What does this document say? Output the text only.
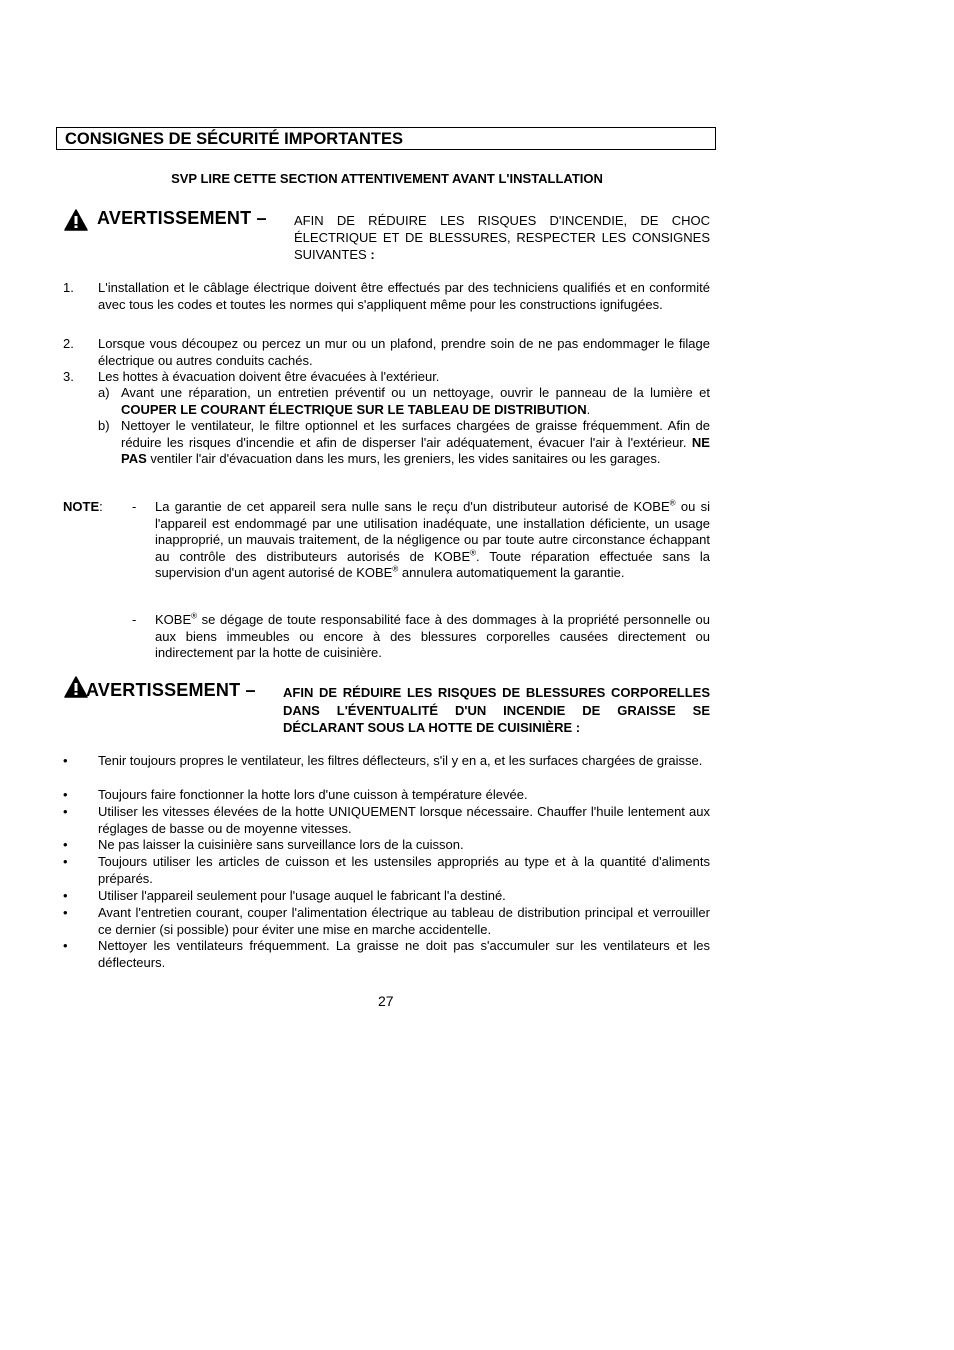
CONSIGNES DE SÉCURITÉ IMPORTANTES
SVP LIRE CETTE SECTION ATTENTIVEMENT AVANT L'INSTALLATION
AVERTISSEMENT – AFIN DE RÉDUIRE LES RISQUES D'INCENDIE, DE CHOC ÉLECTRIQUE ET DE BLESSURES, RESPECTER LES CONSIGNES SUIVANTES :
1. L'installation et le câblage électrique doivent être effectués par des techniciens qualifiés et en conformité avec tous les codes et toutes les normes qui s'appliquent même pour les constructions ignifugées.
2. Lorsque vous découpez ou percez un mur ou un plafond, prendre soin de ne pas endommager le filage électrique ou autres conduits cachés.
3. Les hottes à évacuation doivent être évacuées à l'extérieur.
a) Avant une réparation, un entretien préventif ou un nettoyage, ouvrir le panneau de la lumière et COUPER LE COURANT ÉLECTRIQUE SUR LE TABLEAU DE DISTRIBUTION.
b) Nettoyer le ventilateur, le filtre optionnel et les surfaces chargées de graisse fréquemment. Afin de réduire les risques d'incendie et afin de disperser l'air adéquatement, évacuer l'air à l'extérieur. NE PAS ventiler l'air d'évacuation dans les murs, les greniers, les vides sanitaires ou les garages.
NOTE: - La garantie de cet appareil sera nulle sans le reçu d'un distributeur autorisé de KOBE® ou si l'appareil est endommagé par une utilisation inadéquate, une installation déficiente, un usage inapproprié, un mauvais traitement, de la négligence ou par toute autre circonstance échappant au contrôle des distributeurs autorisés de KOBE®. Toute réparation effectuée sans la supervision d'un agent autorisé de KOBE® annulera automatiquement la garantie.
- KOBE® se dégage de toute responsabilité face à des dommages à la propriété personnelle ou aux biens immeubles ou encore à des blessures corporelles causées directement ou indirectement par la hotte de cuisinière.
AVERTISSEMENT – AFIN DE RÉDUIRE LES RISQUES DE BLESSURES CORPORELLES DANS L'ÉVENTUALITÉ D'UN INCENDIE DE GRAISSE SE DÉCLARANT SOUS LA HOTTE DE CUISINIÈRE :
• Tenir toujours propres le ventilateur, les filtres déflecteurs, s'il y en a, et les surfaces chargées de graisse.
• Toujours faire fonctionner la hotte lors d'une cuisson à température élevée.
• Utiliser les vitesses élevées de la hotte UNIQUEMENT lorsque nécessaire. Chauffer l'huile lentement aux réglages de basse ou de moyenne vitesses.
• Ne pas laisser la cuisinière sans surveillance lors de la cuisson.
• Toujours utiliser les articles de cuisson et les ustensiles appropriés au type et à la quantité d'aliments préparés.
• Utiliser l'appareil seulement pour l'usage auquel le fabricant l'a destiné.
• Avant l'entretien courant, couper l'alimentation électrique au tableau de distribution principal et verrouiller ce dernier (si possible) pour éviter une mise en marche accidentelle.
• Nettoyer les ventilateurs fréquemment. La graisse ne doit pas s'accumuler sur les ventilateurs et les déflecteurs.
27
